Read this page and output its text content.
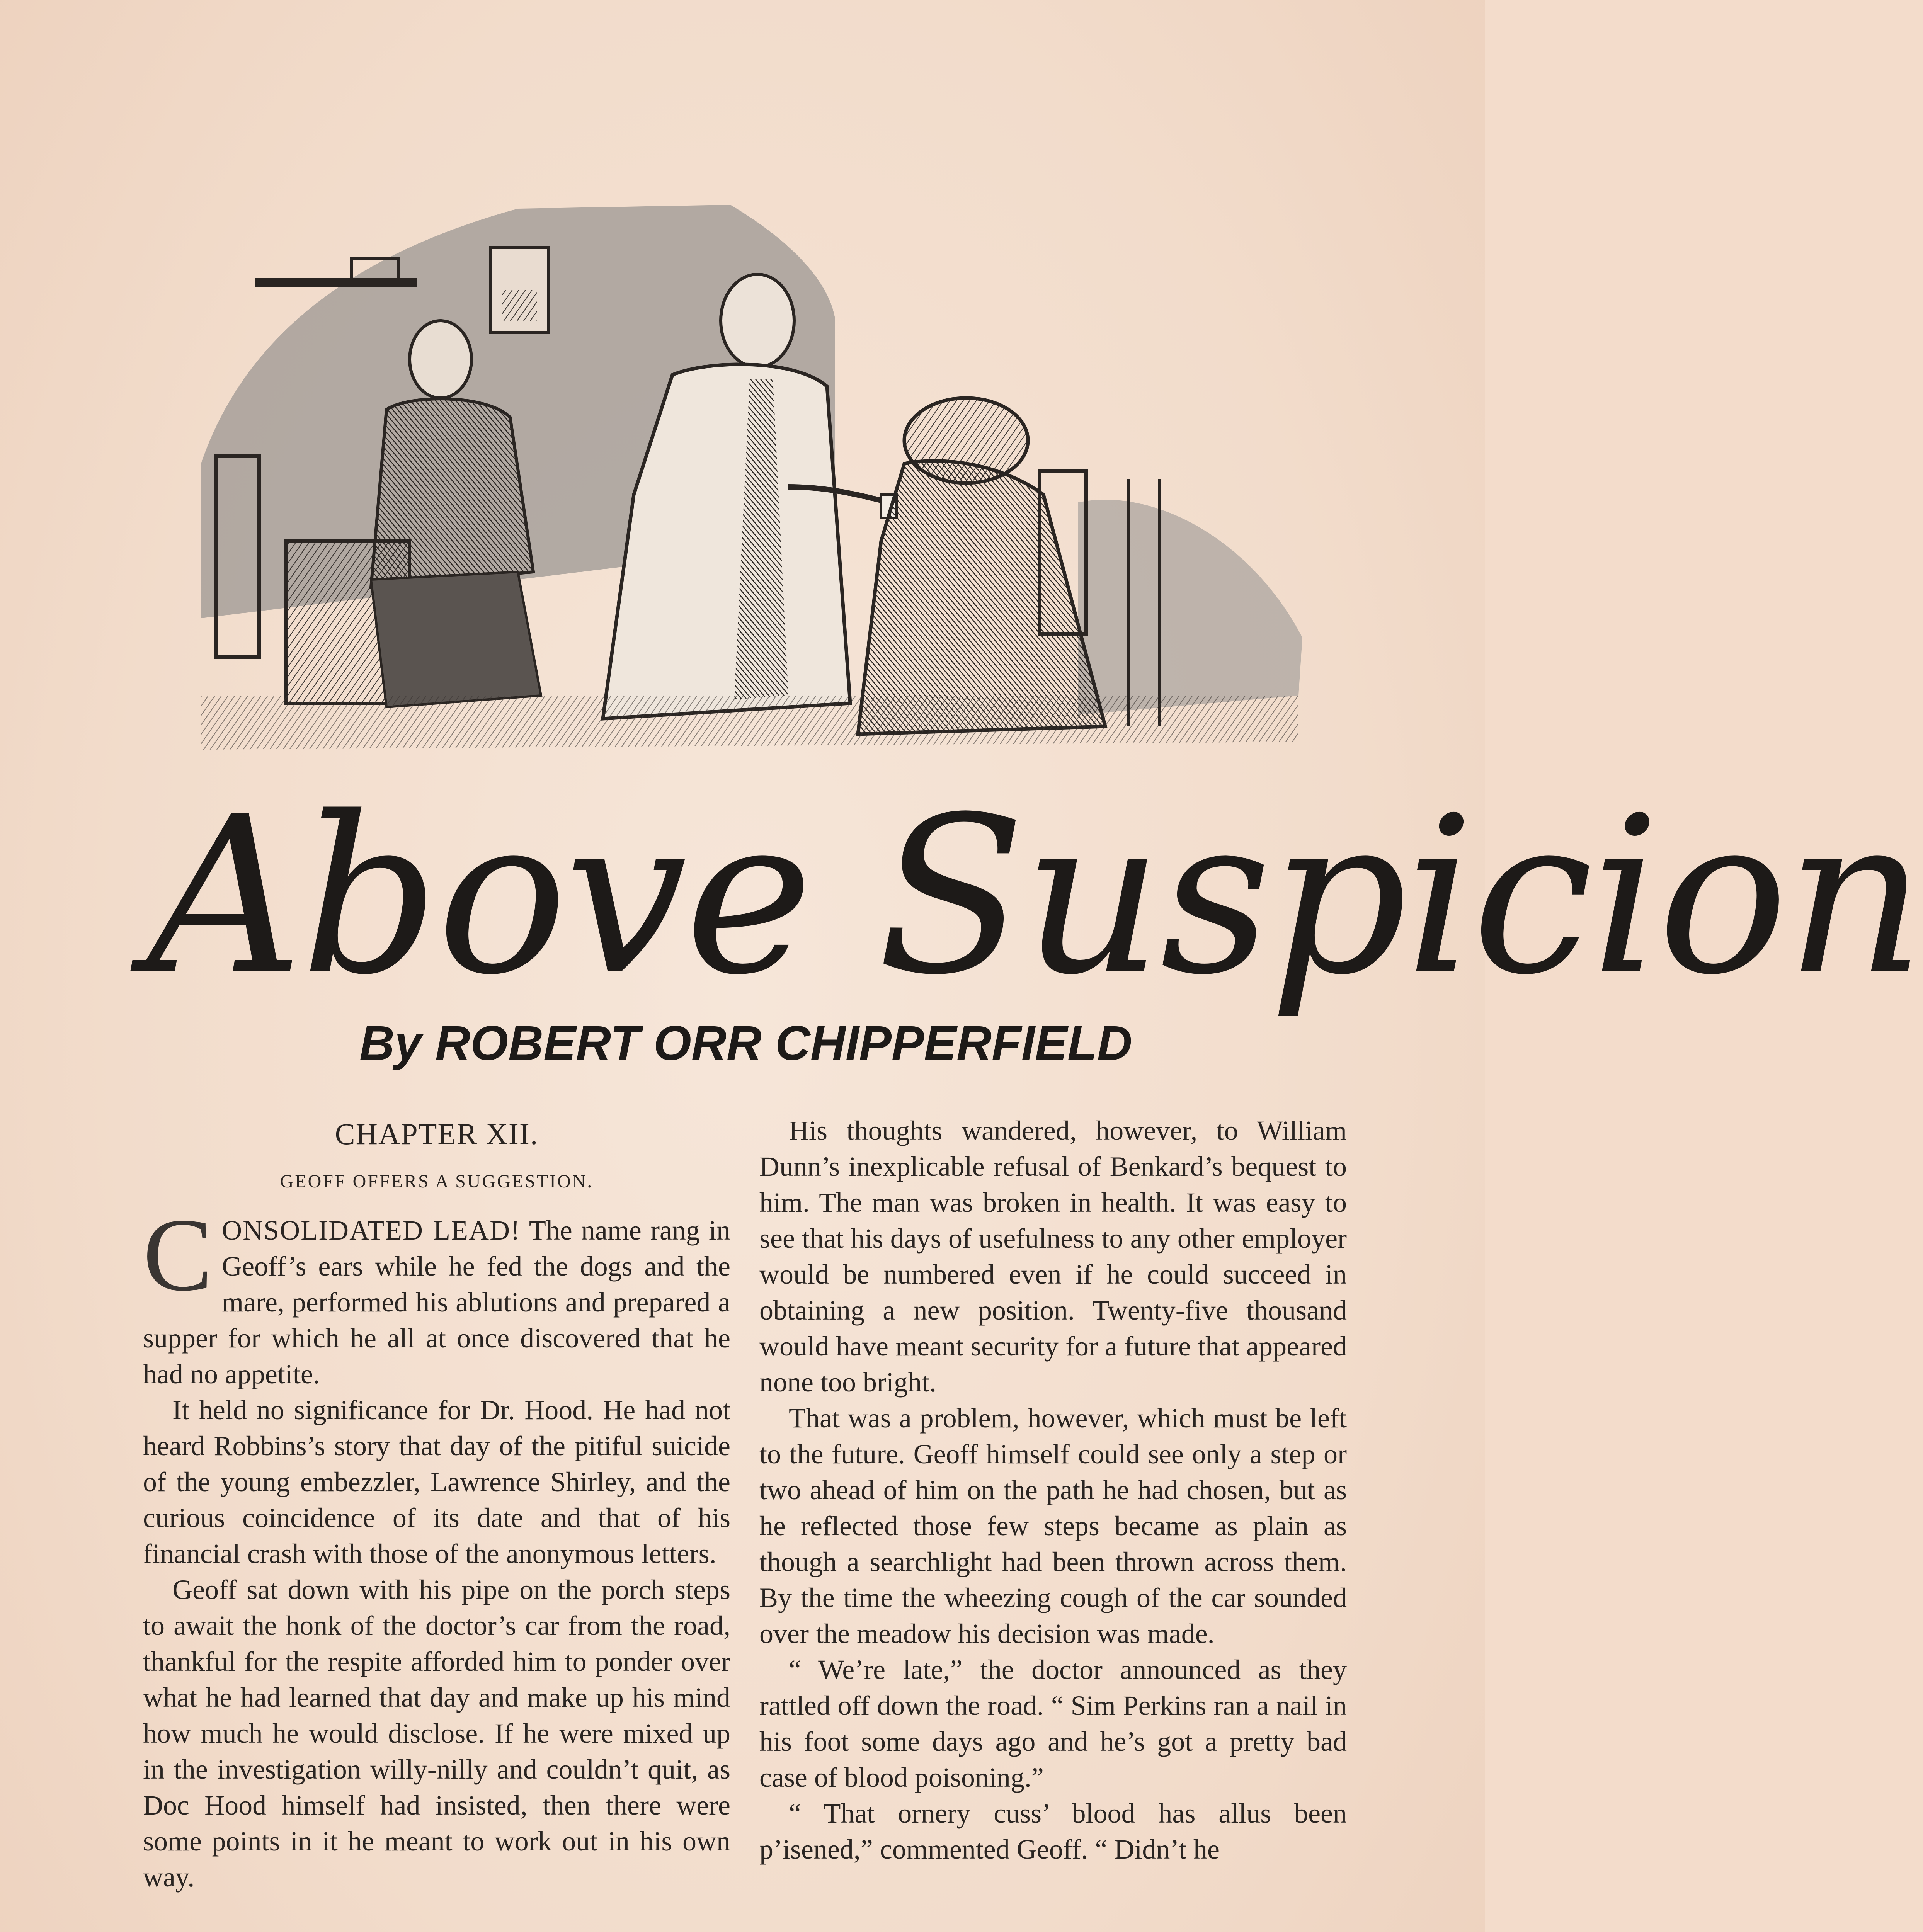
Above Suspicion
By ROBERT ORR CHIPPERFIELD
CHAPTER XII.
GEOFF OFFERS A SUGGESTION.

CONSOLIDATED LEAD! The name rang in Geoff’s ears while he fed the dogs and the mare, performed his ablutions and prepared a supper for which he all at once discovered that he had no appetite.

It held no significance for Dr. Hood. He had not heard Robbins’s story that day of the pitiful suicide of the young embezzler, Lawrence Shirley, and the curious coincidence of its date and that of his financial crash with those of the anonymous letters.

Geoff sat down with his pipe on the porch steps to await the honk of the doctor’s car from the road, thankful for the respite afforded him to ponder over what he had learned that day and make up his mind how much he would disclose. If he were mixed up in the investigation willy-nilly and couldn’t quit, as Doc Hood himself had insisted, then there were some points in it he meant to work out in his own way.

His thoughts wandered, however, to William Dunn’s inexplicable refusal of Benkard’s bequest to him. The man was broken in health. It was easy to see that his days of usefulness to any other employer would be numbered even if he could succeed in obtaining a new position. Twenty-five thousand would have meant security for a future that appeared none too bright.

That was a problem, however, which must be left to the future. Geoff himself could see only a step or two ahead of him on the path he had chosen, but as he reflected those few steps became as plain as though a searchlight had been thrown across them. By the time the wheezing cough of the car sounded over the meadow his decision was made.

“ We’re late,” the doctor announced as they rattled off down the road. “ Sim Perkins ran a nail in his foot some days ago and he’s got a pretty bad case of blood poisoning.”

“ That ornery cuss’ blood has allus been p’isened,” commented Geoff. “ Didn’t he
